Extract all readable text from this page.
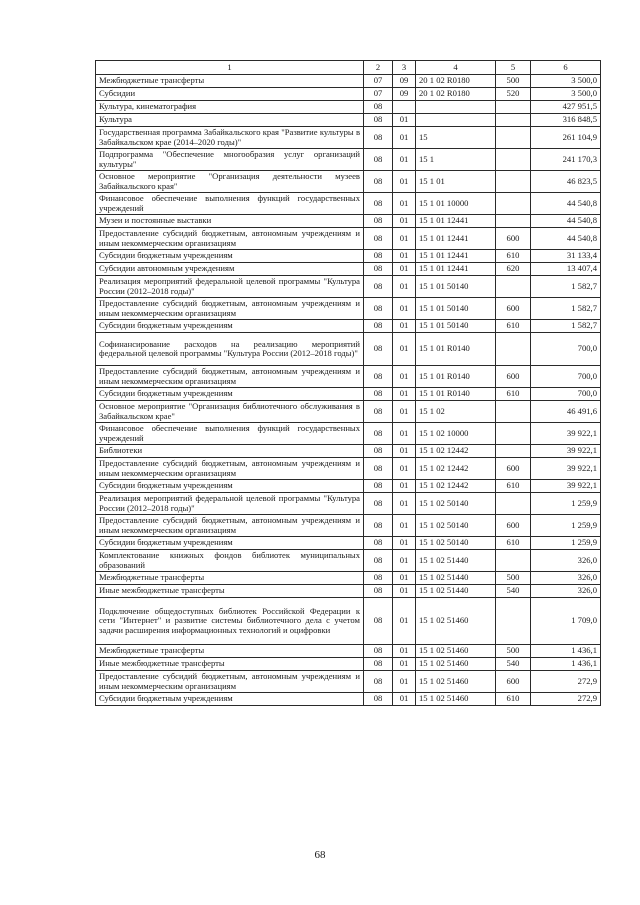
1	2	3	4	5	6
Межбюджетные трансферты	07	09	20 1 02 R0180	500	3 500,0
Субсидии	07	09	20 1 02 R0180	520	3 500,0
Культура, кинематография	08				427 951,5
Культура	08	01			316 848,5
Государственная программа Забайкальского края "Развитие культуры в Забайкальском крае (2014–2020 годы)"	08	01	15		261 104,9
Подпрограмма "Обеспечение многообразия услуг организаций культуры"	08	01	15 1		241 170,3
Основное мероприятие "Организация деятельности музеев Забайкальского края"	08	01	15 1 01		46 823,5
Финансовое обеспечение выполнения функций государственных учреждений	08	01	15 1 01 10000		44 540,8
Музеи и постоянные выставки	08	01	15 1 01 12441		44 540,8
Предоставление субсидий бюджетным, автономным учреждениям и иным некоммерческим организациям	08	01	15 1 01 12441	600	44 540,8
Субсидии бюджетным учреждениям	08	01	15 1 01 12441	610	31 133,4
Субсидии автономным учреждениям	08	01	15 1 01 12441	620	13 407,4
Реализация мероприятий федеральной целевой программы "Культура России (2012–2018 годы)"	08	01	15 1 01 50140		1 582,7
Предоставление субсидий бюджетным, автономным учреждениям и иным некоммерческим организациям	08	01	15 1 01 50140	600	1 582,7
Субсидии бюджетным учреждениям	08	01	15 1 01 50140	610	1 582,7
Софинансирование расходов на реализацию мероприятий федеральной целевой программы "Культура России (2012–2018 годы)"	08	01	15 1 01 R0140		700,0
Предоставление субсидий бюджетным, автономным учреждениям и иным некоммерческим организациям	08	01	15 1 01 R0140	600	700,0
Субсидии бюджетным учреждениям	08	01	15 1 01 R0140	610	700,0
Основное мероприятие "Организация библиотечного обслуживания в Забайкальском крае"	08	01	15 1 02		46 491,6
Финансовое обеспечение выполнения функций государственных учреждений	08	01	15 1 02 10000		39 922,1
Библиотеки	08	01	15 1 02 12442		39 922,1
Предоставление субсидий бюджетным, автономным учреждениям и иным некоммерческим организациям	08	01	15 1 02 12442	600	39 922,1
Субсидии бюджетным учреждениям	08	01	15 1 02 12442	610	39 922,1
Реализация мероприятий федеральной целевой программы "Культура России (2012–2018 годы)"	08	01	15 1 02 50140		1 259,9
Предоставление субсидий бюджетным, автономным учреждениям и иным некоммерческим организациям	08	01	15 1 02 50140	600	1 259,9
Субсидии бюджетным учреждениям	08	01	15 1 02 50140	610	1 259,9
Комплектование книжных фондов библиотек муниципальных образований	08	01	15 1 02 51440		326,0
Межбюджетные трансферты	08	01	15 1 02 51440	500	326,0
Иные межбюджетные трансферты	08	01	15 1 02 51440	540	326,0
Подключение общедоступных библиотек Российской Федерации к сети "Интернет" и развитие системы библиотечного дела с учетом задачи расширения информационных технологий и оцифровки	08	01	15 1 02 51460		1 709,0
Межбюджетные трансферты	08	01	15 1 02 51460	500	1 436,1
Иные межбюджетные трансферты	08	01	15 1 02 51460	540	1 436,1
Предоставление субсидий бюджетным, автономным учреждениям и иным некоммерческим организациям	08	01	15 1 02 51460	600	272,9
Субсидии бюджетным учреждениям	08	01	15 1 02 51460	610	272,9
68
